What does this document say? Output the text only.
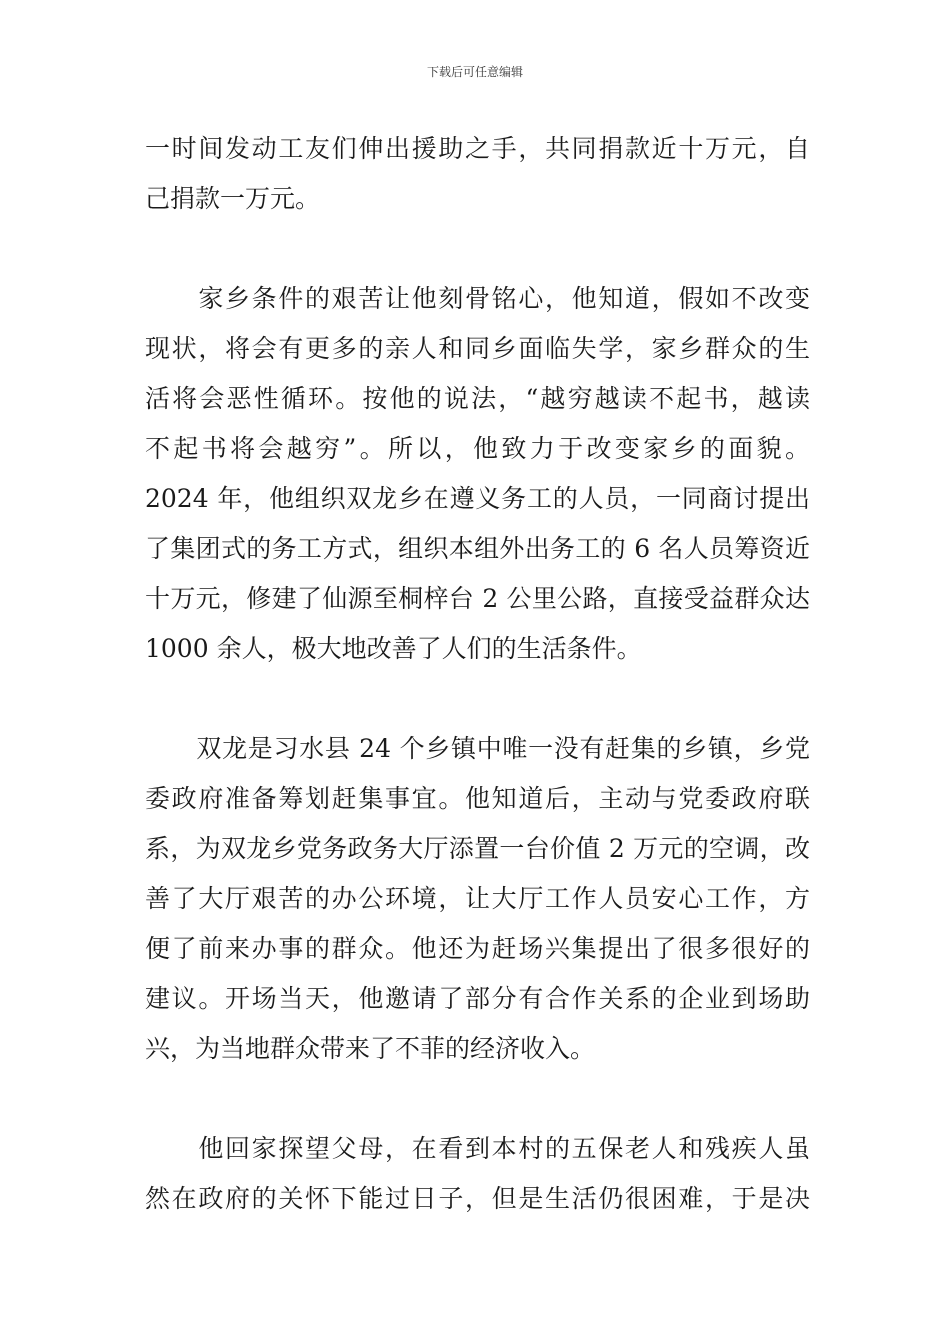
下载后可任意编辑
一时间发动工友们伸出援助之手，共同捐款近十万元，自
己捐款一万元。
　　家乡条件的艰苦让他刻骨铭心，他知道，假如不改变
现状，将会有更多的亲人和同乡面临失学，家乡群众的生
活将会恶性循环。按他的说法，“越穷越读不起书，越读
不起书将会越穷”。所以，他致力于改变家乡的面貌。
2024 年，他组织双龙乡在遵义务工的人员，一同商讨提出
了集团式的务工方式，组织本组外出务工的 6 名人员筹资近
十万元，修建了仙源至桐梓台 2 公里公路，直接受益群众达
1000 余人，极大地改善了人们的生活条件。
　　双龙是习水县 24 个乡镇中唯一没有赶集的乡镇，乡党
委政府准备筹划赶集事宜。他知道后，主动与党委政府联
系，为双龙乡党务政务大厅添置一台价值 2 万元的空调，改
善了大厅艰苦的办公环境，让大厅工作人员安心工作，方
便了前来办事的群众。他还为赶场兴集提出了很多很好的
建议。开场当天，他邀请了部分有合作关系的企业到场助
兴，为当地群众带来了不菲的经济收入。
　　他回家探望父母，在看到本村的五保老人和残疾人虽
然在政府的关怀下能过日子，但是生活仍很困难，于是决
